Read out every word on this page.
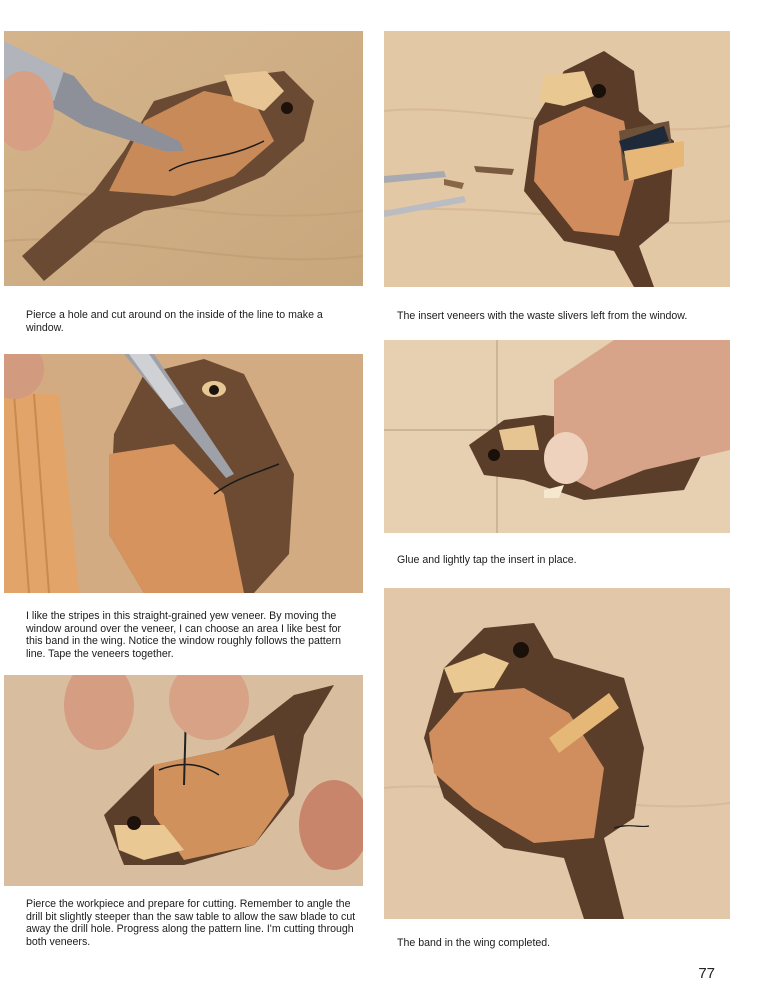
Pierce a hole and cut around on the inside of the line to make a window.
The insert veneers with the waste slivers left from the window.
Glue and lightly tap the insert in place.
I like the stripes in this straight-grained yew veneer. By moving the window around over the veneer, I can choose an area I like best for this band in the wing. Notice the window roughly follows the pattern line. Tape the veneers together.
Pierce the workpiece and prepare for cutting. Remember to angle the drill bit slightly steeper than the saw table to allow the saw blade to cut away the drill hole. Progress along the pattern line. I'm cutting through both veneers.	The band in the wing completed.
77
